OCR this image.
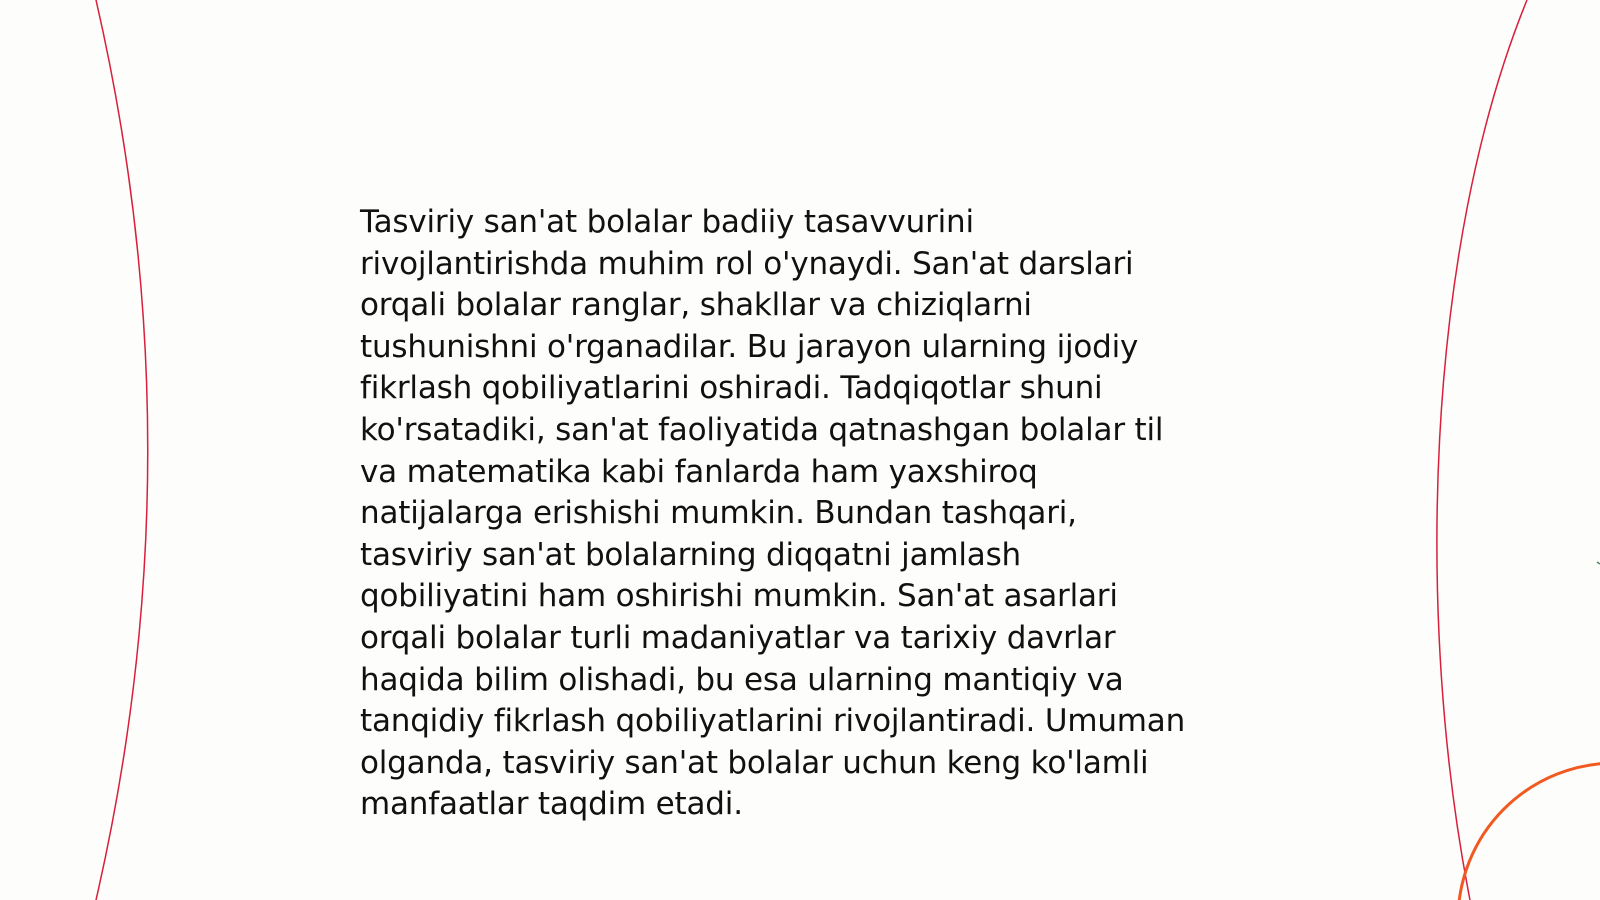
Tasviriy san'at bolalar badiiy tasavvurini
rivojlantirishda muhim rol o'ynaydi. San'at darslari
orqali bolalar ranglar, shakllar va chiziqlarni
tushunishni o'rganadilar. Bu jarayon ularning ijodiy
fikrlash qobiliyatlarini oshiradi. Tadqiqotlar shuni
ko'rsatadiki, san'at faoliyatida qatnashgan bolalar til
va matematika kabi fanlarda ham yaxshiroq
natijalarga erishishi mumkin. Bundan tashqari,
tasviriy san'at bolalarning diqqatni jamlash
qobiliyatini ham oshirishi mumkin. San'at asarlari
orqali bolalar turli madaniyatlar va tarixiy davrlar
haqida bilim olishadi, bu esa ularning mantiqiy va
tanqidiy fikrlash qobiliyatlarini rivojlantiradi. Umuman
olganda, tasviriy san'at bolalar uchun keng ko'lamli
manfaatlar taqdim etadi.
